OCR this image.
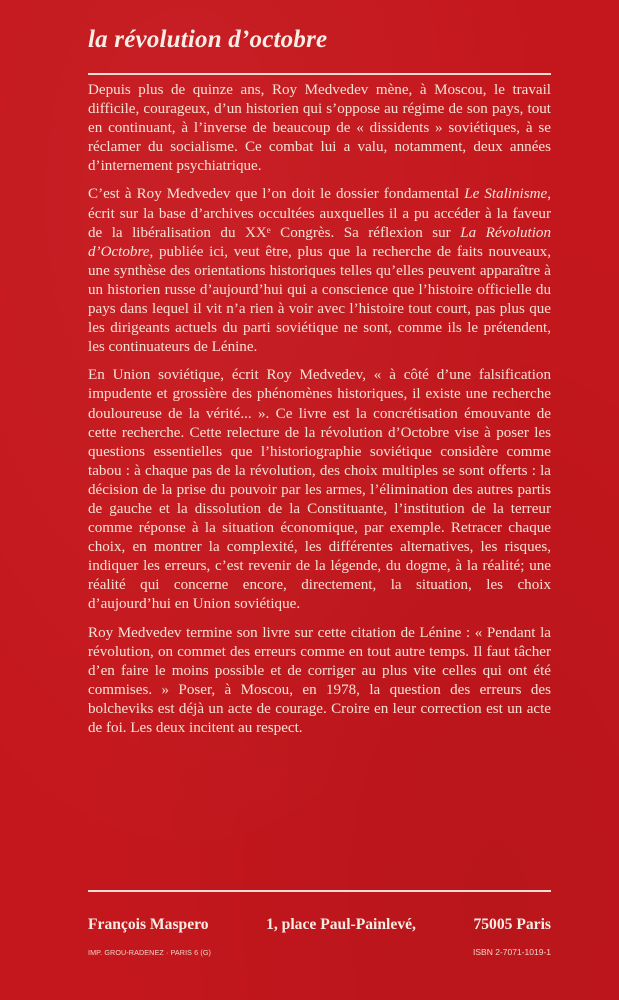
la révolution d’octobre

Depuis plus de quinze ans, Roy Medvedev mène, à Moscou, le travail difficile, courageux, d’un historien qui s’oppose au régime de son pays, tout en continuant, à l’inverse de beaucoup de « dissidents » soviétiques, à se réclamer du socialisme. Ce combat lui a valu, notamment, deux années d’internement psychiatrique.

C’est à Roy Medvedev que l’on doit le dossier fondamental Le Stalinisme, écrit sur la base d’archives occultées auxquelles il a pu accéder à la faveur de la libéralisation du XXᵉ Congrès. Sa réflexion sur La Révolution d’Octobre, publiée ici, veut être, plus que la recherche de faits nouveaux, une synthèse des orientations historiques telles qu’elles peuvent apparaître à un historien russe d’aujourd’hui qui a conscience que l’histoire officielle du pays dans lequel il vit n’a rien à voir avec l’histoire tout court, pas plus que les dirigeants actuels du parti soviétique ne sont, comme ils le prétendent, les continuateurs de Lénine.

En Union soviétique, écrit Roy Medvedev, « à côté d’une falsification impudente et grossière des phénomènes historiques, il existe une recherche douloureuse de la vérité... ». Ce livre est la concrétisation émouvante de cette recherche. Cette relecture de la révolution d’Octobre vise à poser les questions essentielles que l’historiographie soviétique considère comme tabou : à chaque pas de la révolution, des choix multiples se sont offerts : la décision de la prise du pouvoir par les armes, l’élimination des autres partis de gauche et la dissolution de la Constituante, l’institution de la terreur comme réponse à la situation économique, par exemple. Retracer chaque choix, en montrer la complexité, les différentes alternatives, les risques, indiquer les erreurs, c’est revenir de la légende, du dogme, à la réalité; une réalité qui concerne encore, directement, la situation, les choix d’aujourd’hui en Union soviétique.

Roy Medvedev termine son livre sur cette citation de Lénine : « Pendant la révolution, on commet des erreurs comme en tout autre temps. Il faut tâcher d’en faire le moins possible et de corriger au plus vite celles qui ont été commises. » Poser, à Moscou, en 1978, la question des erreurs des bolcheviks est déjà un acte de courage. Croire en leur correction est un acte de foi. Les deux incitent au respect.

François Maspero	1, place Paul-Painlevé,	75005 Paris

IMP. GROU-RADENEZ · PARIS 6 (G)	ISBN 2-7071-1019-1
